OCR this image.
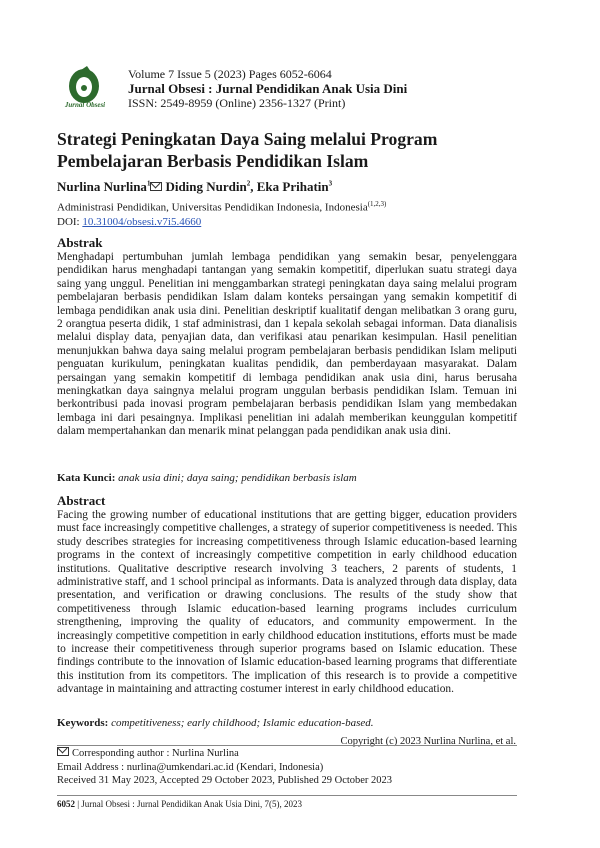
Jurnal Obsesi
Volume 7 Issue 5 (2023) Pages 6052-6064
Jurnal Obsesi : Jurnal Pendidikan Anak Usia Dini
ISSN: 2549-8959 (Online) 2356-1327 (Print)
Strategi Peningkatan Daya Saing melalui Program
Pembelajaran Berbasis Pendidikan Islam
Nurlina Nurlina$^1$ Diding Nurdin$^2$, Eka Prihatin$^3$
Administrasi Pendidikan, Universitas Pendidikan Indonesia, Indonesia$^{(1,2,3)}$
DOI: 10.31004/obsesi.v7i5.4660
Abstrak
Menghadapi pertumbuhan jumlah lembaga pendidikan yang semakin besar, penyelenggara pendidikan harus menghadapi tantangan yang semakin kompetitif, diperlukan suatu strategi daya saing yang unggul. Penelitian ini menggambarkan strategi peningkatan daya saing melalui program pembelajaran berbasis pendidikan Islam dalam konteks persaingan yang semakin kompetitif di lembaga pendidikan anak usia dini. Penelitian deskriptif kualitatif dengan melibatkan 3 orang guru, 2 orangtua peserta didik, 1 staf administrasi, dan 1 kepala sekolah sebagai informan. Data dianalisis melalui display data, penyajian data, dan verifikasi atau penarikan kesimpulan. Hasil penelitian menunjukkan bahwa daya saing melalui program pembelajaran berbasis pendidikan Islam meliputi penguatan kurikulum, peningkatan kualitas pendidik, dan pemberdayaan masyarakat. Dalam persaingan yang semakin kompetitif di lembaga pendidikan anak usia dini, harus berusaha meningkatkan daya saingnya melalui program unggulan berbasis pendidikan Islam. Temuan ini berkontribusi pada inovasi program pembelajaran berbasis pendidikan Islam yang membedakan lembaga ini dari pesaingnya. Implikasi penelitian ini adalah memberikan keunggulan kompetitif dalam mempertahankan dan menarik minat pelanggan pada pendidikan anak usia dini.
Kata Kunci: anak usia dini; daya saing; pendidikan berbasis islam
Abstract
Facing the growing number of educational institutions that are getting bigger, education providers must face increasingly competitive challenges, a strategy of superior competitiveness is needed. This study describes strategies for increasing competitiveness through Islamic education-based learning programs in the context of increasingly competitive competition in early childhood education institutions. Qualitative descriptive research involving 3 teachers, 2 parents of students, 1 administrative staff, and 1 school principal as informants. Data is analyzed through data display, data presentation, and verification or drawing conclusions. The results of the study show that competitiveness through Islamic education-based learning programs includes curriculum strengthening, improving the quality of educators, and community empowerment. In the increasingly competitive competition in early childhood education institutions, efforts must be made to increase their competitiveness through superior programs based on Islamic education. These findings contribute to the innovation of Islamic education-based learning programs that differentiate this institution from its competitors. The implication of this research is to provide a competitive advantage in maintaining and attracting costumer interest in early childhood education.
Keywords: competitiveness; early childhood; Islamic education-based.
Copyright (c) 2023 Nurlina Nurlina, et al.
Corresponding author : Nurlina Nurlina
Email Address : nurlina@umkendari.ac.id (Kendari, Indonesia)
Received 31 May 2023, Accepted 29 October 2023, Published 29 October 2023
6052 | Jurnal Obsesi : Jurnal Pendidikan Anak Usia Dini, 7(5), 2023
